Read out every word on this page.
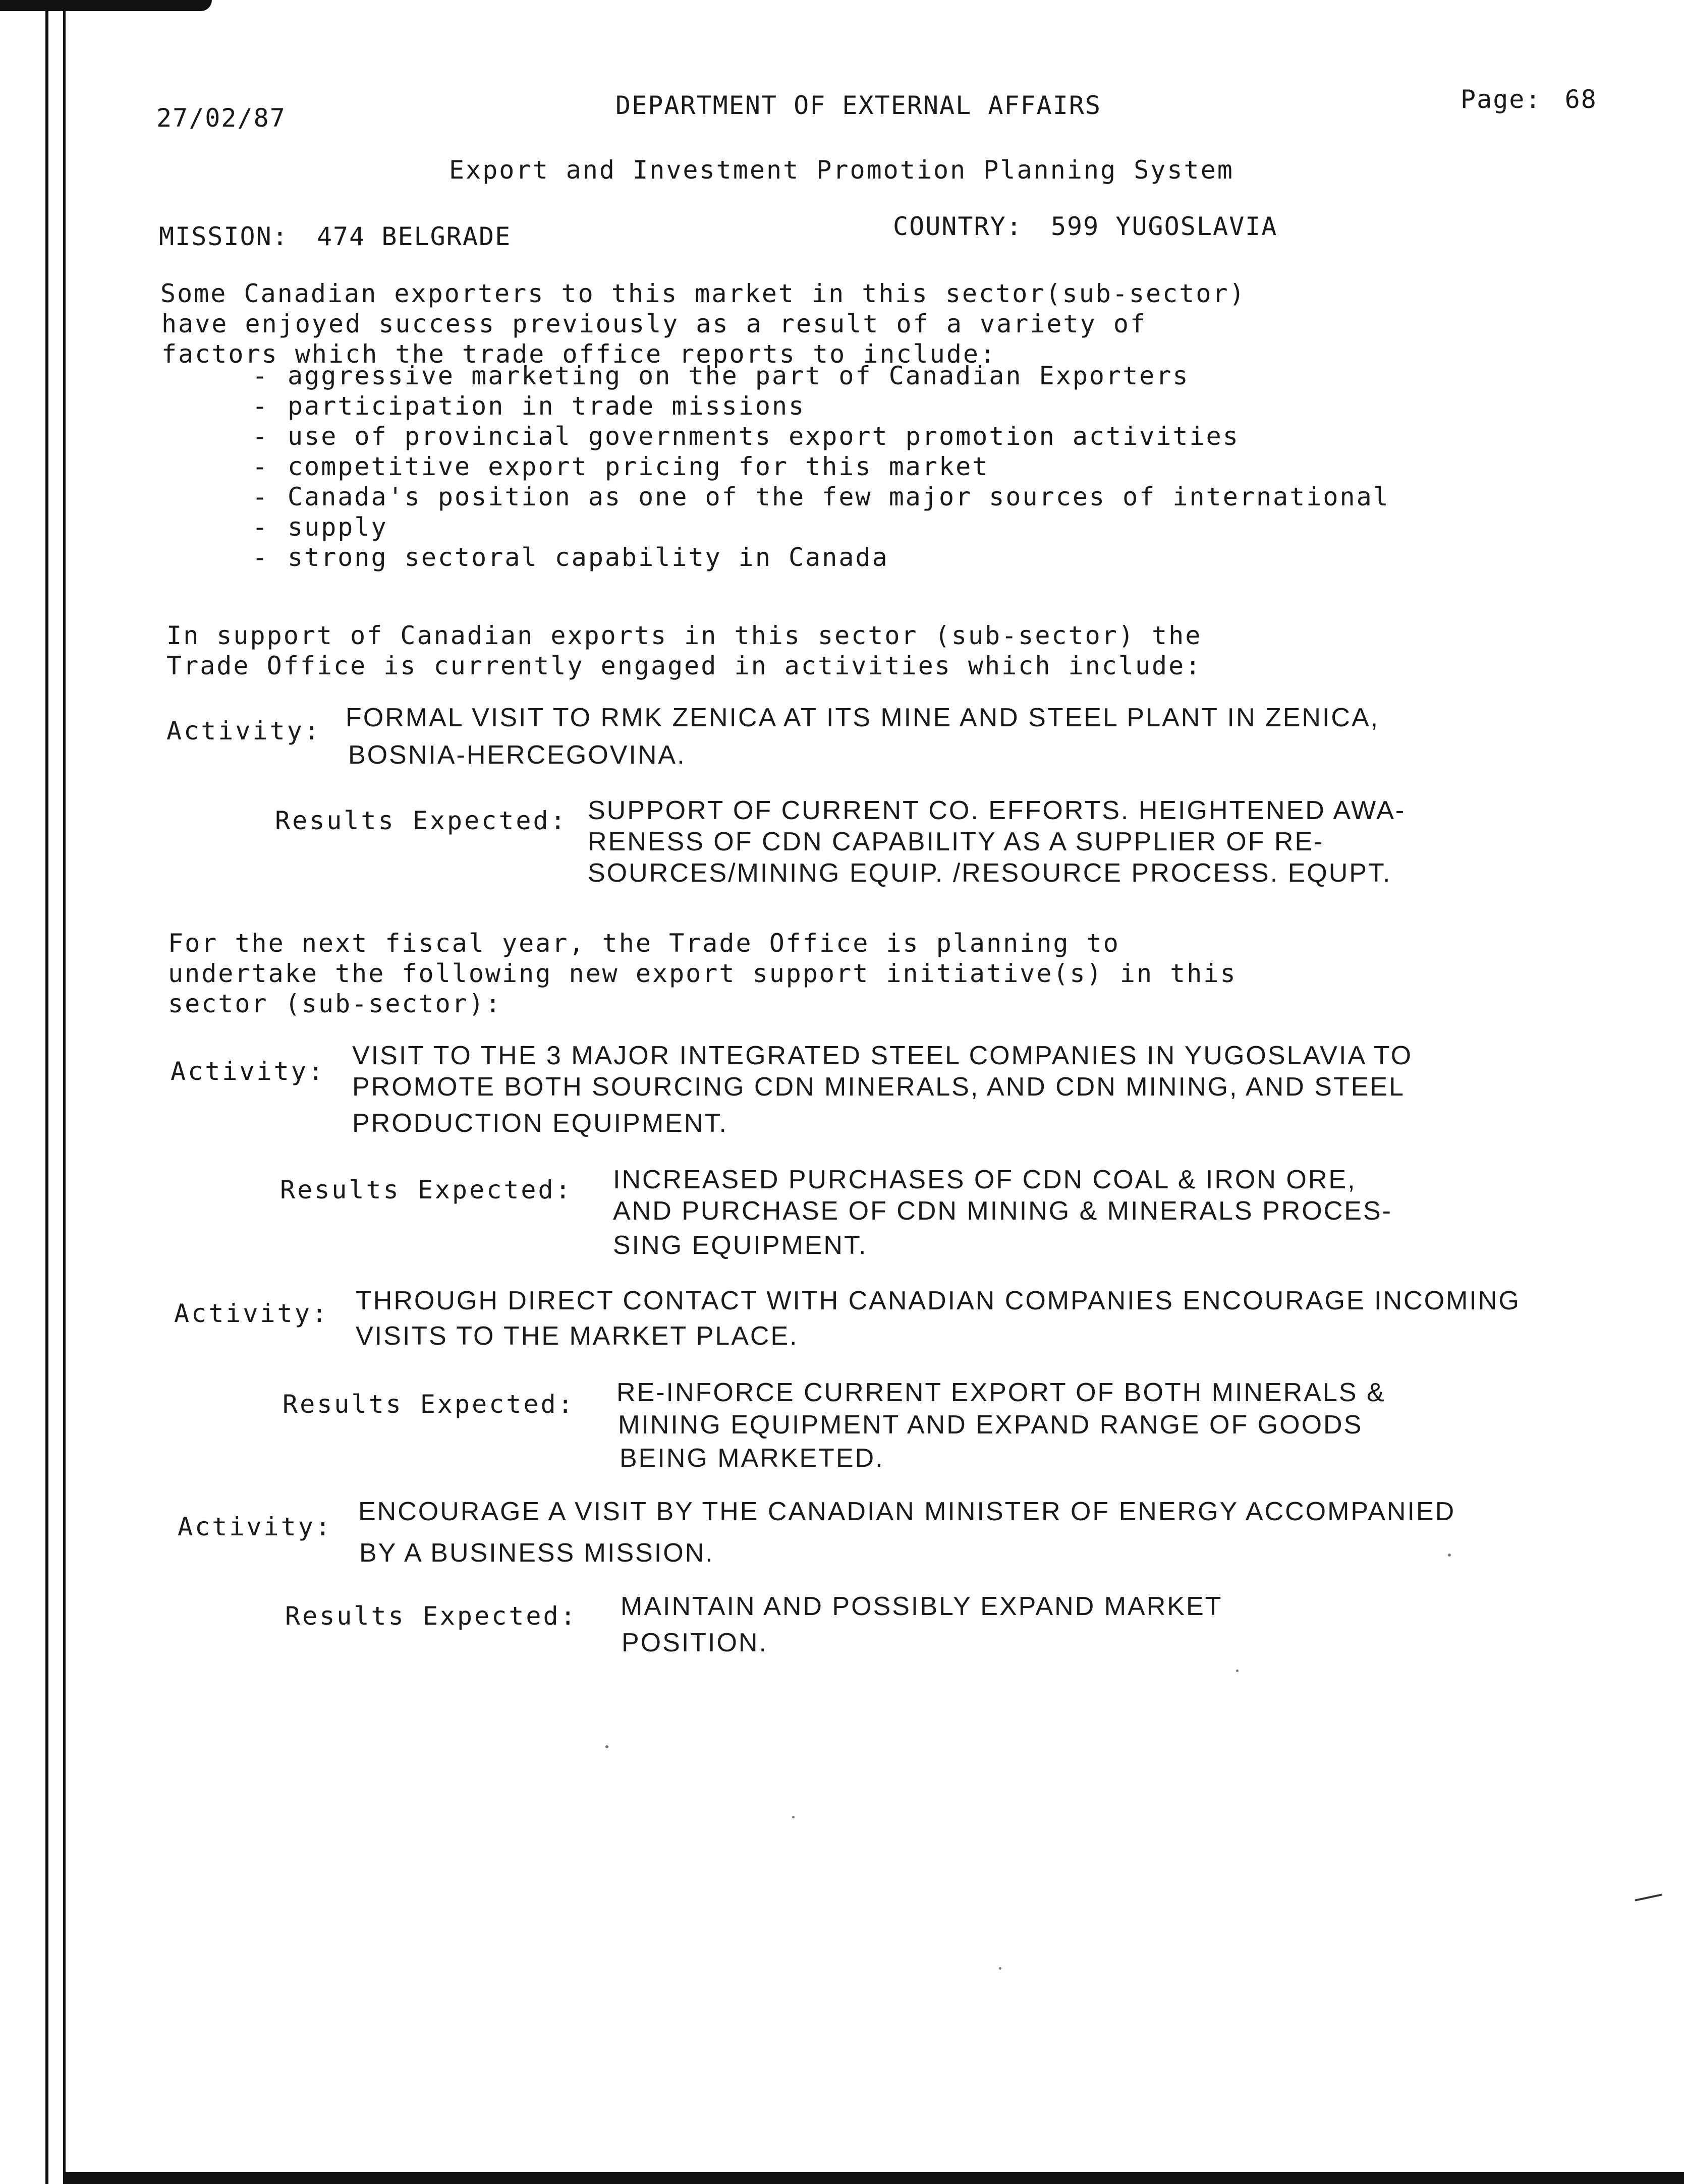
27/02/87	DEPARTMENT OF EXTERNAL AFFAIRS	Page: 68
Export and Investment Promotion Planning System
MISSION: 474 BELGRADE	COUNTRY: 599 YUGOSLAVIA
Some Canadian exporters to this market in this sector(sub-sector)
have enjoyed success previously as a result of a variety of
factors which the trade office reports to include:
- aggressive marketing on the part of Canadian Exporters
- participation in trade missions
- use of provincial governments export promotion activities
- competitive export pricing for this market
- Canada's position as one of the few major sources of international
- supply
- strong sectoral capability in Canada
In support of Canadian exports in this sector (sub-sector) the
Trade Office is currently engaged in activities which include:
Activity: FORMAL VISIT TO RMK ZENICA AT ITS MINE AND STEEL PLANT IN ZENICA,
BOSNIA-HERCEGOVINA.
Results Expected: SUPPORT OF CURRENT CO. EFFORTS. HEIGHTENED AWA-
RENESS OF CDN CAPABILITY AS A SUPPLIER OF RE-
SOURCES/MINING EQUIP. /RESOURCE PROCESS. EQUPT.
For the next fiscal year, the Trade Office is planning to
undertake the following new export support initiative(s) in this
sector (sub-sector):
Activity:
VISIT TO THE 3 MAJOR INTEGRATED STEEL COMPANIES IN YUGOSLAVIA TO
PROMOTE BOTH SOURCING CDN MINERALS, AND CDN MINING, AND STEEL
PRODUCTION EQUIPMENT.
Results Expected: INCREASED PURCHASES OF CDN COAL & IRON ORE,
AND PURCHASE OF CDN MINING & MINERALS PROCES-
SING EQUIPMENT.
Activity: THROUGH DIRECT CONTACT WITH CANADIAN COMPANIES ENCOURAGE INCOMING
VISITS TO THE MARKET PLACE.
Results Expected: RE-INFORCE CURRENT EXPORT OF BOTH MINERALS &
MINING EQUIPMENT AND EXPAND RANGE OF GOODS
BEING MARKETED.
Activity:
ENCOURAGE A VISIT BY THE CANADIAN MINISTER OF ENERGY ACCOMPANIED
BY A BUSINESS MISSION.
Results Expected: MAINTAIN AND POSSIBLY EXPAND MARKET
POSITION.
